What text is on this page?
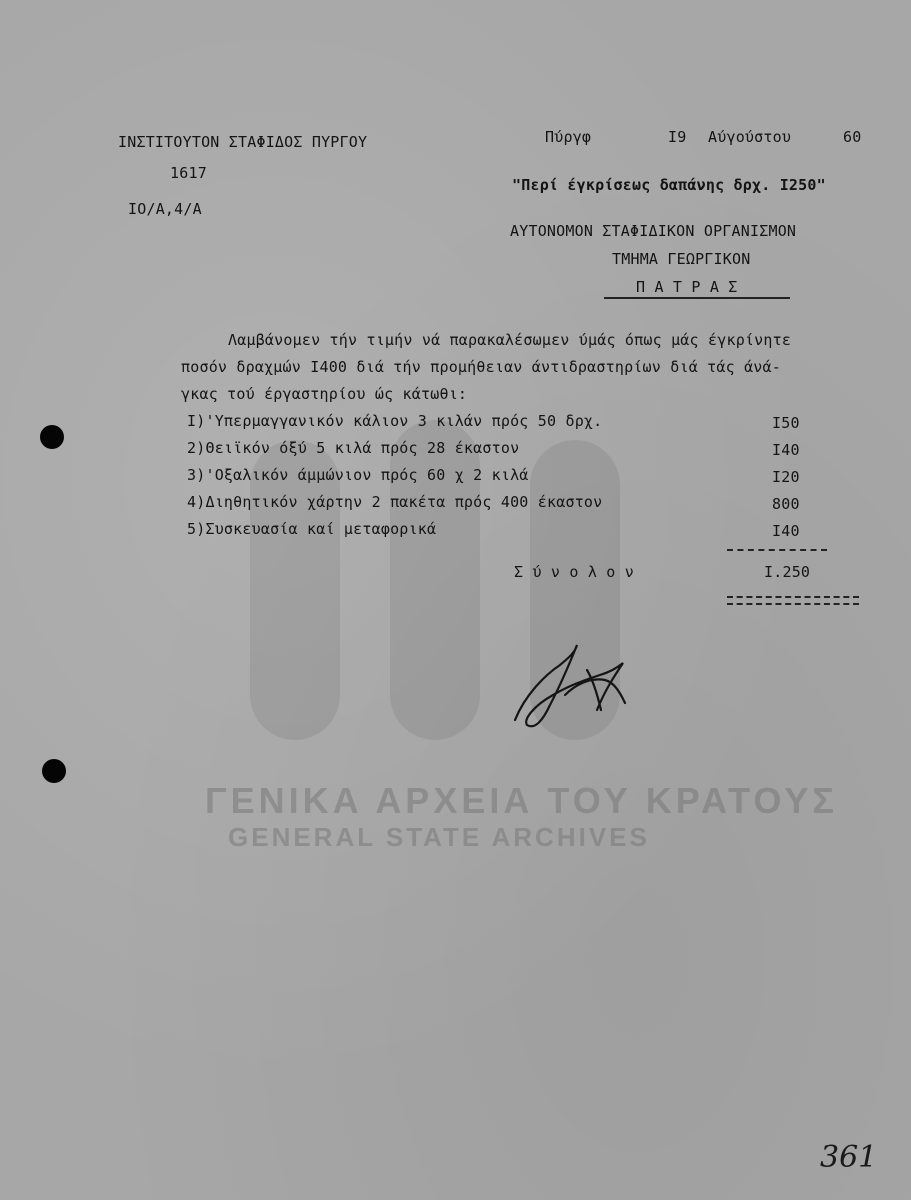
ΓΕΝΙΚΑ ΑΡΧΕΙΑ ΤΟΥ ΚΡΑΤΟΥΣ
GENERAL STATE ARCHIVES
ΙΝΣΤΙΤΟΥΤΟΝ ΣΤΑΦΙΔΟΣ ΠΥΡΓΟΥ
1617
ΙΟ/Α,4/Α
Πύργφ	Ι9 Αύγούστου	60
"Περί έγκρίσεως δαπάνης δρχ. Ι250"
ΑΥΤΟΝΟΜΟΝ ΣΤΑΦΙΔΙΚΟΝ ΟΡΓΑΝΙΣΜΟΝ
ΤΜΗΜΑ ΓΕΩΡΓΙΚΟΝ
Π Α Τ Ρ Α Σ
Λαμβάνομεν τήν τιμήν νά παρακαλέσωμεν ύμάς όπως μάς έγκρίνητε
ποσόν δραχμών Ι400 διά τήν προμήθειαν άντιδραστηρίων διά τάς άνά-
γκας τού έργαστηρίου ώς κάτωθι:
Ι)'Υπερμαγγανικόν κάλιον 3 κιλάν πρός 50 δρχ.	Ι50
2)Θειϊκόν όξύ 5 κιλά πρός 28 έκαστον	Ι40
3)'Οξαλικόν άμμώνιον πρός 60 χ 2 κιλά	Ι20
4)Διηθητικόν χάρτην 2 πακέτα πρός 400 έκαστον	800
5)Συσκευασία καί μεταφορικά	Ι40
Σ ύ ν ο λ ο ν	Ι.250
361
